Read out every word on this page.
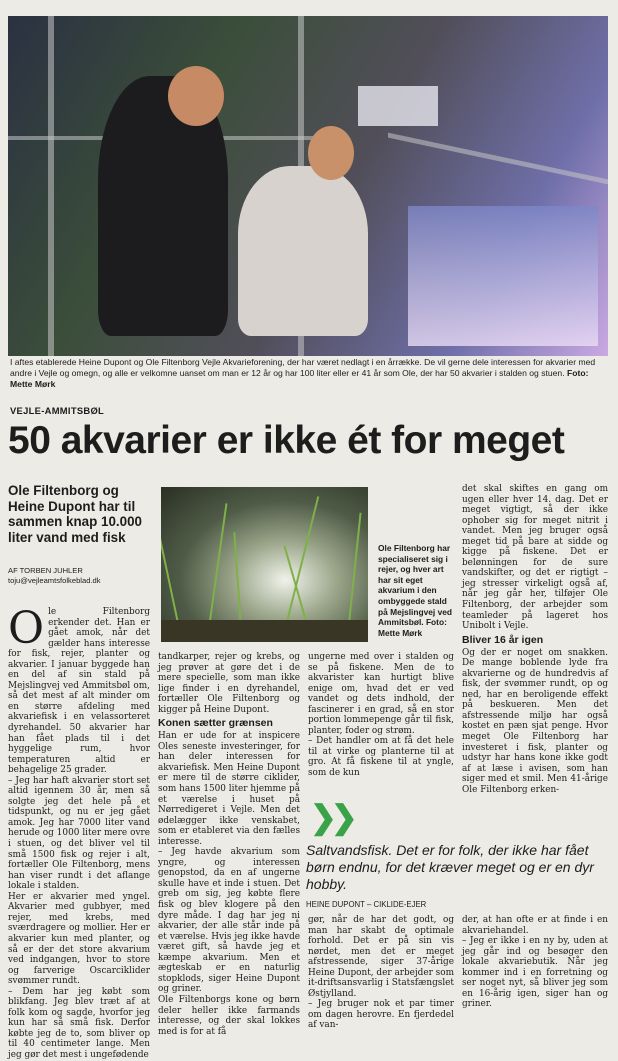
I aftes etablerede Heine Dupont og Ole Filtenborg Vejle Akvarieforening, der har været nedlagt i en årrække. De vil gerne dele interessen for akvarier med andre i Vejle og omegn, og alle er velkomne uanset om man er 12 år og har 100 liter eller er 41 år som Ole, der har 50 akvarier i stalden og stuen. Foto: Mette Mørk
VEJLE-AMMITSBØL
50 akvarier er ikke ét for meget
Ole Filtenborg og Heine Dupont har til sammen knap 10.000 liter vand med fisk
AF TORBEN JUHLER
toju@vejleamtsfolkeblad.dk
Ole Filtenborg har specialiseret sig i rejer, og hver art har sit eget akvarium i den ombyggede stald på Mejslingvej ved Ammitsbøl. Foto: Mette Mørk
O le Filtenborg erkender det. Han er gået amok, når det gælder hans interesse for fisk, rejer, planter og akvarier. I januar byggede han en del af sin stald på Mejslingvej ved Ammitsbøl om, så det mest af alt minder om en større afdeling med akvariefisk i en velassorteret dyrehandel. 50 akvarier har han fået plads til i det hyggelige rum, hvor temperaturen altid er behagelige 25 grader.

– Jeg har haft akvarier stort set altid igennem 30 år, men så solgte jeg det hele på et tidspunkt, og nu er jeg gået amok. Jeg har 7000 liter vand herude og 1000 liter mere ovre i stuen, og det bliver vel til små 1500 fisk og rejer i alt, fortæller Ole Filtenborg, mens han viser rundt i det aflange lokale i stalden.

Her er akvarier med yngel. Akvarier med gubbyer, med rejer, med krebs, med sværdragere og mollier. Her er akvarier kun med planter, og så er der det store akvarium ved indgangen, hvor to store og farverige Oscarciklider svømmer rundt.

– Dem har jeg købt som blikfang. Jeg blev træt af at folk kom og sagde, hvorfor jeg kun har så små fisk. Derfor købte jeg de to, som bliver op til 40 centimeter lange. Men jeg gør det mest i ungefødende

tandkarper, rejer og krebs, og jeg prøver at gøre det i de mere specielle, som man ikke lige finder i en dyrehandel, fortæller Ole Filtenborg og kigger på Heine Dupont.

Konen sætter grænsen

Han er ude for at inspicere Oles seneste investeringer, for han deler interessen for akvariefisk. Men Heine Dupont er mere til de større ciklider, som hans 1500 liter hjemme på et værelse i huset på Nørredigeret i Vejle. Men det ødelægger ikke venskabet, som er etableret via den fælles interesse.

– Jeg havde akvarium som yngre, og interessen genopstod, da en af ungerne skulle have et inde i stuen. Det greb om sig, jeg købte flere fisk og blev klogere på den dyre måde. I dag har jeg ni akvarier, der alle står inde på et værelse. Hvis jeg ikke havde været gift, så havde jeg et kæmpe akvarium. Men et ægteskab er en naturlig stopklods, siger Heine Dupont og griner.

Ole Filtenborgs kone og børn deler heller ikke farmands interesse, og der skal lokkes med is for at få

ungerne med over i stalden og se på fiskene. Men de to akvarister kan hurtigt blive enige om, hvad det er ved vandet og dets indhold, der fascinerer i en grad, så en stor portion lommepenge går til fisk, planter, foder og strøm.

– Det handler om at få det hele til at virke og planterne til at gro. At få fiskene til at yngle, som de kun

det skal skiftes en gang om ugen eller hver 14. dag. Det er meget vigtigt, så der ikke ophober sig for meget nitrit i vandet. Men jeg bruger også meget tid på bare at sidde og kigge på fiskene. Det er belønningen for de sure vandskifter, og det er rigtigt – jeg stresser virkeligt også af, når jeg går her, tilføjer Ole Filtenborg, der arbejder som teamleder på lageret hos Unibolt i Vejle.

Bliver 16 år igen

Og der er noget om snakken. De mange boblende lyde fra akvarierne og de hundredvis af fisk, der svømmer rundt, op og ned, har en beroligende effekt på beskueren. Men det afstressende miljø har også kostet en pæn sjat penge. Hvor meget Ole Filtenborg har investeret i fisk, planter og udstyr har hans kone ikke godt af at læse i avisen, som han siger med et smil. Men 41-årige Ole Filtenborg erken-

❯❯
Saltvandsfisk. Det er for folk, der ikke har fået børn endnu, for det kræver meget og er en dyr hobby.
HEINE DUPONT – CIKLIDE-EJER

gør, når de har det godt, og man har skabt de optimale forhold. Det er på sin vis nørdet, men det er meget afstressende, siger 37-årige Heine Dupont, der arbejder som it-driftsansvarlig i Statsfængslet Østjylland.

– Jeg bruger nok et par timer om dagen herovre. En fjerdedel af van-

der, at han ofte er at finde i en akvariehandel.

– Jeg er ikke i en ny by, uden at jeg går ind og besøger den lokale akvariebutik. Når jeg kommer ind i en forretning og ser noget nyt, så bliver jeg som en 16-årig igen, siger han og griner.
